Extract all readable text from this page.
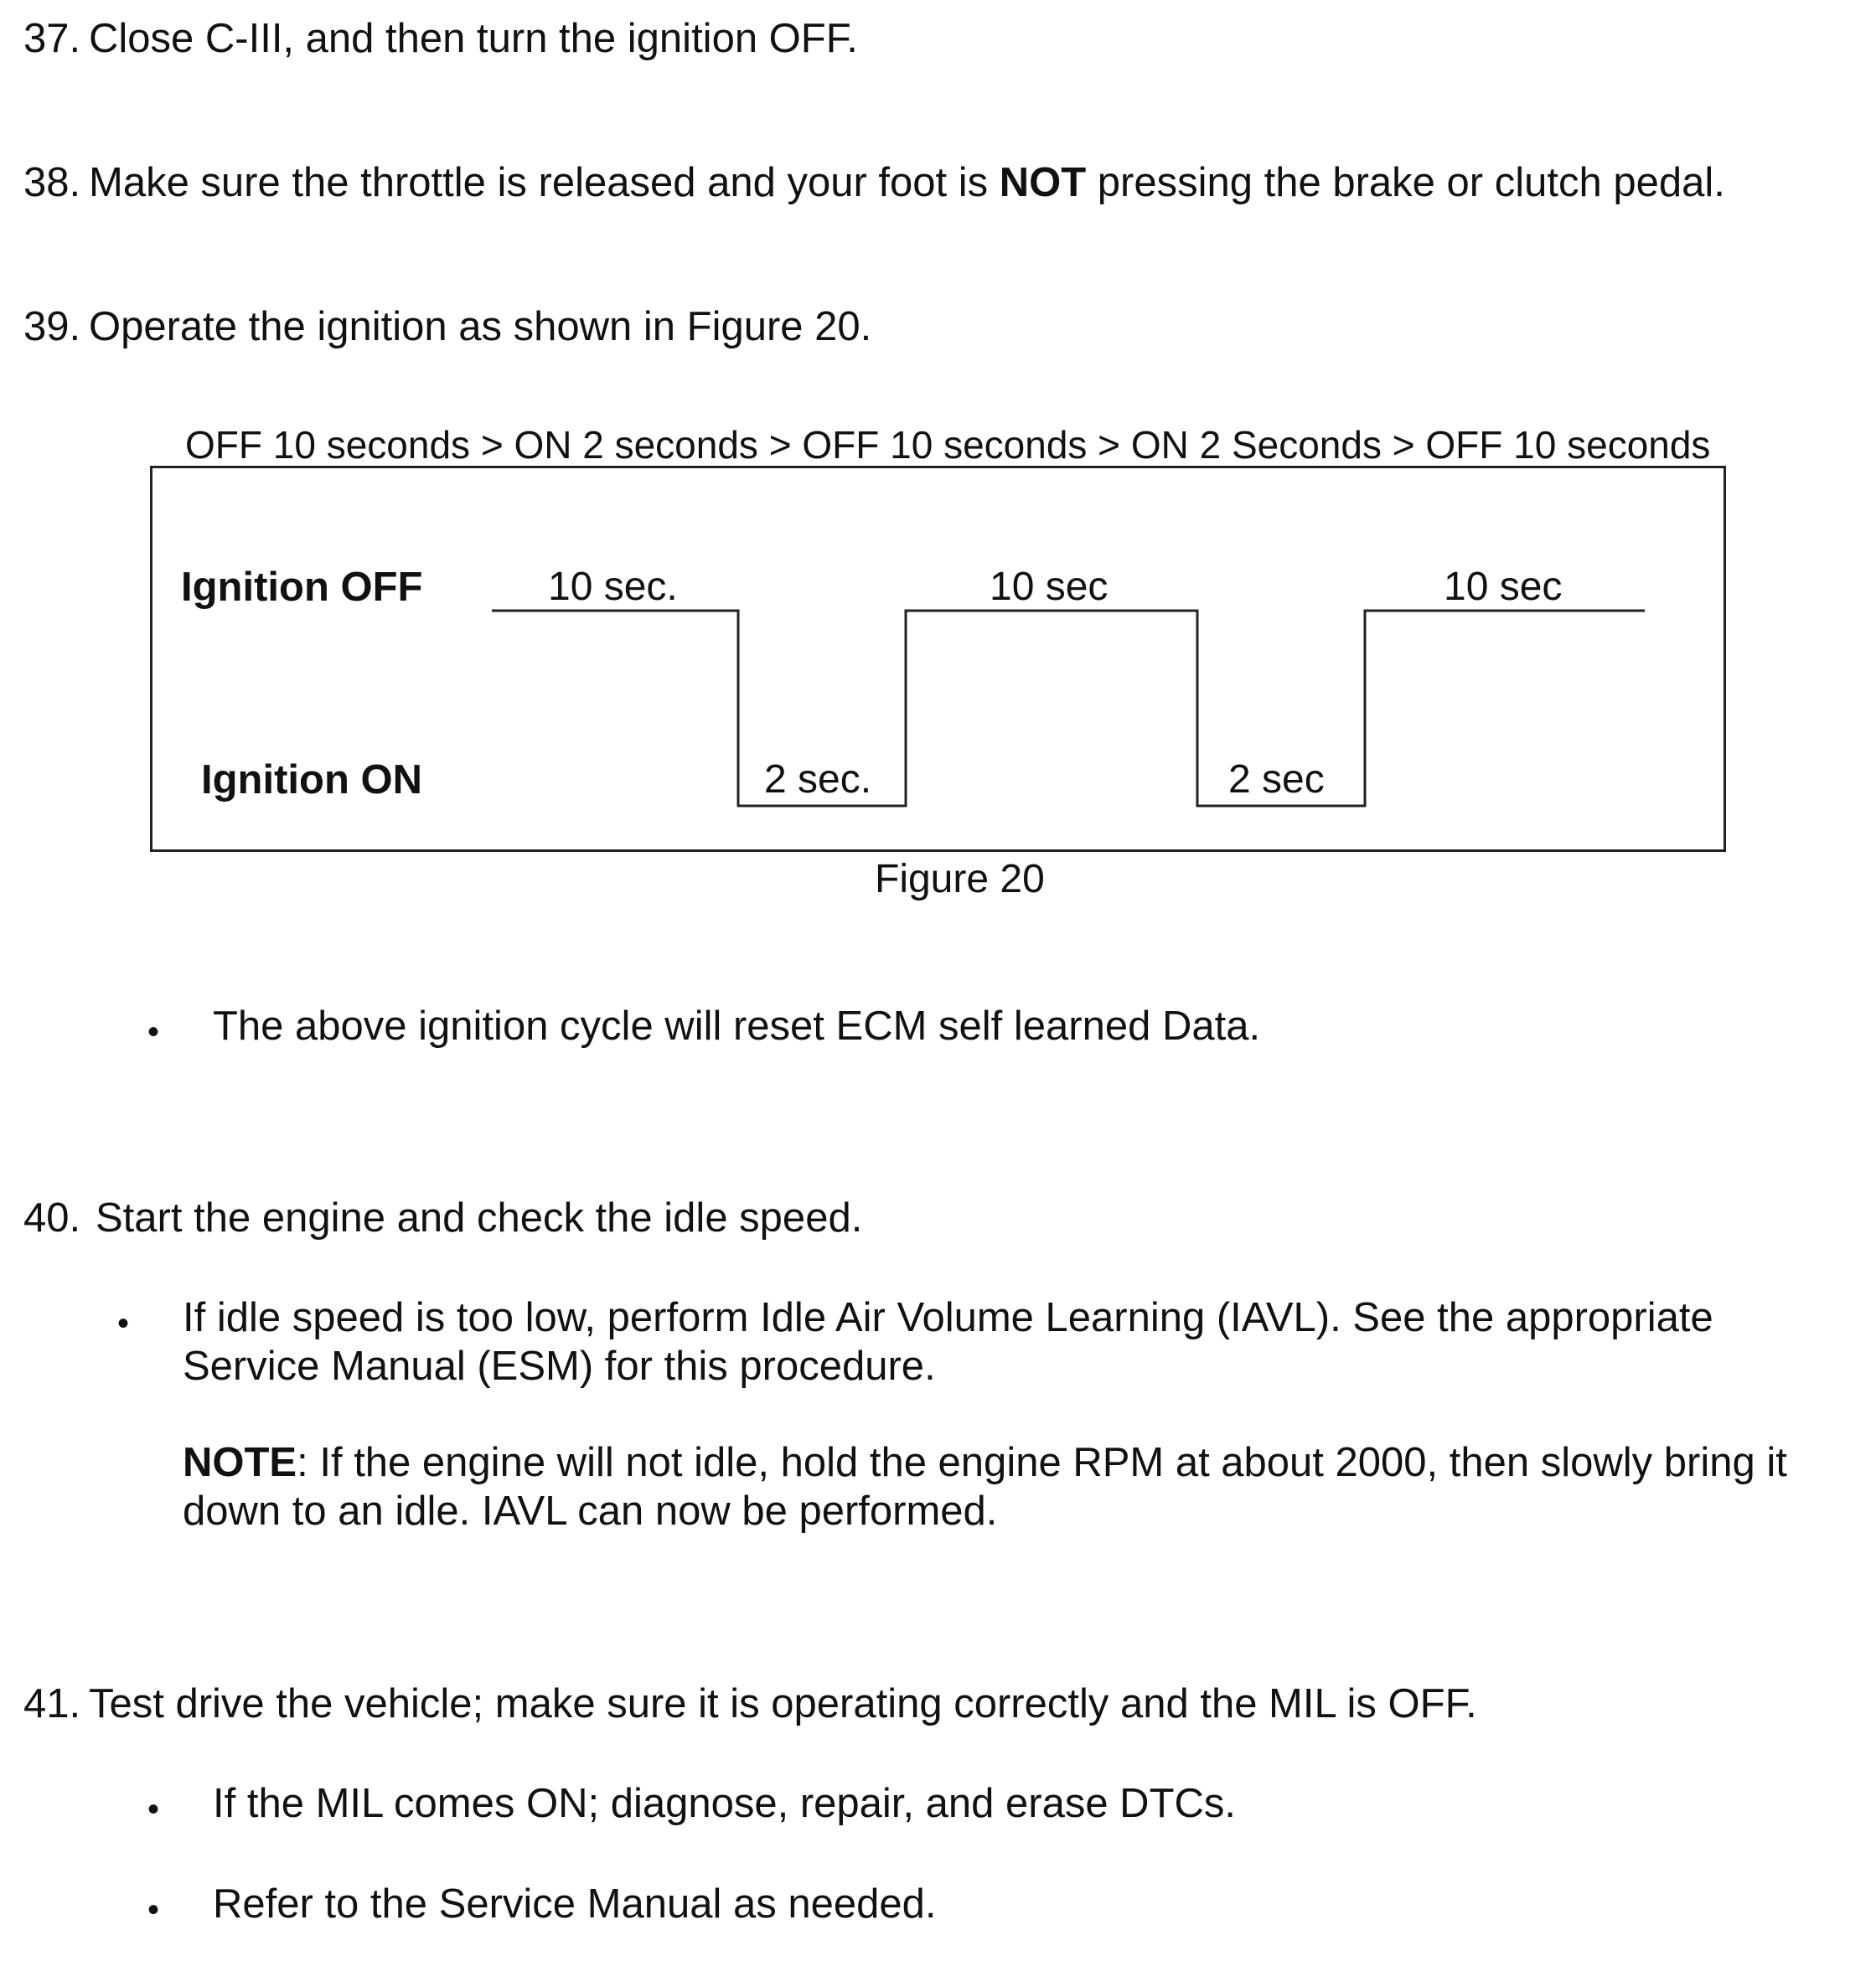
37. Close C-III, and then turn the ignition OFF.
38. Make sure the throttle is released and your foot is NOT pressing the brake or clutch pedal.
39. Operate the ignition as shown in Figure 20.
OFF 10 seconds > ON 2 seconds > OFF 10 seconds > ON 2 Seconds > OFF 10 seconds
Ignition OFF
Ignition ON
10 sec.
2 sec.
10 sec
2 sec
10 sec
Figure 20
• The above ignition cycle will reset ECM self learned Data.
40. Start the engine and check the idle speed.
• If idle speed is too low, perform Idle Air Volume Learning (IAVL). See the appropriate
Service Manual (ESM) for this procedure.
NOTE: If the engine will not idle, hold the engine RPM at about 2000, then slowly bring it
down to an idle. IAVL can now be performed.
41. Test drive the vehicle; make sure it is operating correctly and the MIL is OFF.
• If the MIL comes ON; diagnose, repair, and erase DTCs.
• Refer to the Service Manual as needed.
